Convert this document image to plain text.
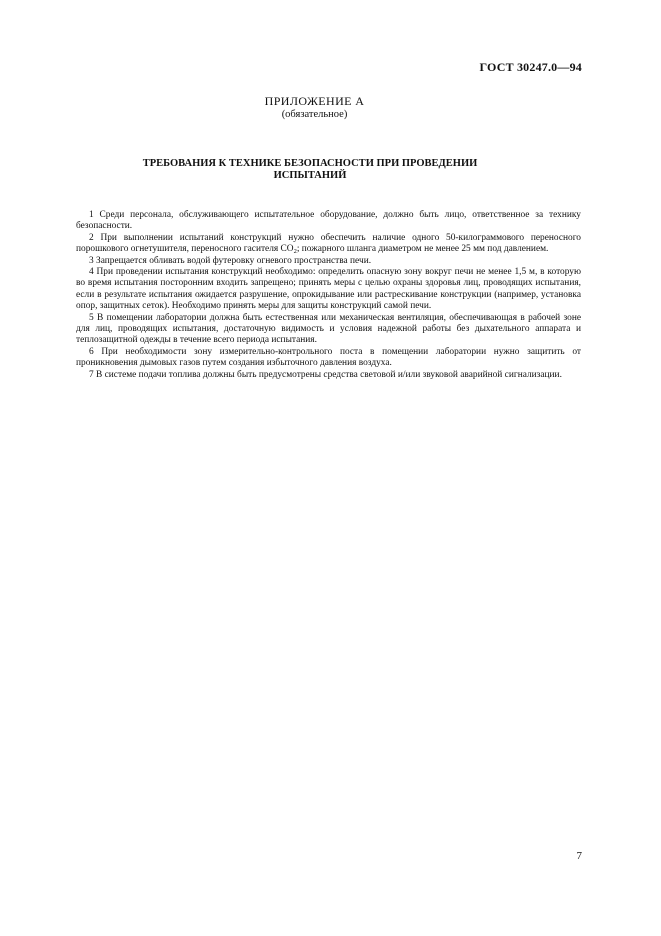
ГОСТ 30247.0—94
ПРИЛОЖЕНИЕ А
(обязательное)
ТРЕБОВАНИЯ К ТЕХНИКЕ БЕЗОПАСНОСТИ ПРИ ПРОВЕДЕНИИ
ИСПЫТАНИЙ

1 Среди персонала, обслуживающего испытательное оборудование, должно быть лицо, ответственное за технику безопасности.

2 При выполнении испытаний конструкций нужно обеспечить наличие одного 50-килограммового переносного порошкового огнетушителя, переносного гасителя $CO_2$; пожарного шланга диаметром не менее 25 мм под давлением.

3 Запрещается обливать водой футеровку огневого пространства печи.

4 При проведении испытания конструкций необходимо: определить опасную зону вокруг печи не менее 1,5 м, в которую во время испытания посторонним входить запрещено; принять меры с целью охраны здоровья лиц, проводящих испытания, если в результате испытания ожидается разрушение, опрокидывание или растрескивание конструкции (например, установка опор, защитных сеток). Необходимо принять меры для защиты конструкций самой печи.

5 В помещении лаборатории должна быть естественная или механическая вентиляция, обеспечивающая в рабочей зоне для лиц, проводящих испытания, достаточную видимость и условия надежной работы без дыхательного аппарата и теплозащитной одежды в течение всего периода испытания.

6 При необходимости зону измерительно-контрольного поста в помещении лаборатории нужно защитить от проникновения дымовых газов путем создания избыточного давления воздуха.

7 В системе подачи топлива должны быть предусмотрены средства световой и/или звуковой аварийной сигнализации.

7
